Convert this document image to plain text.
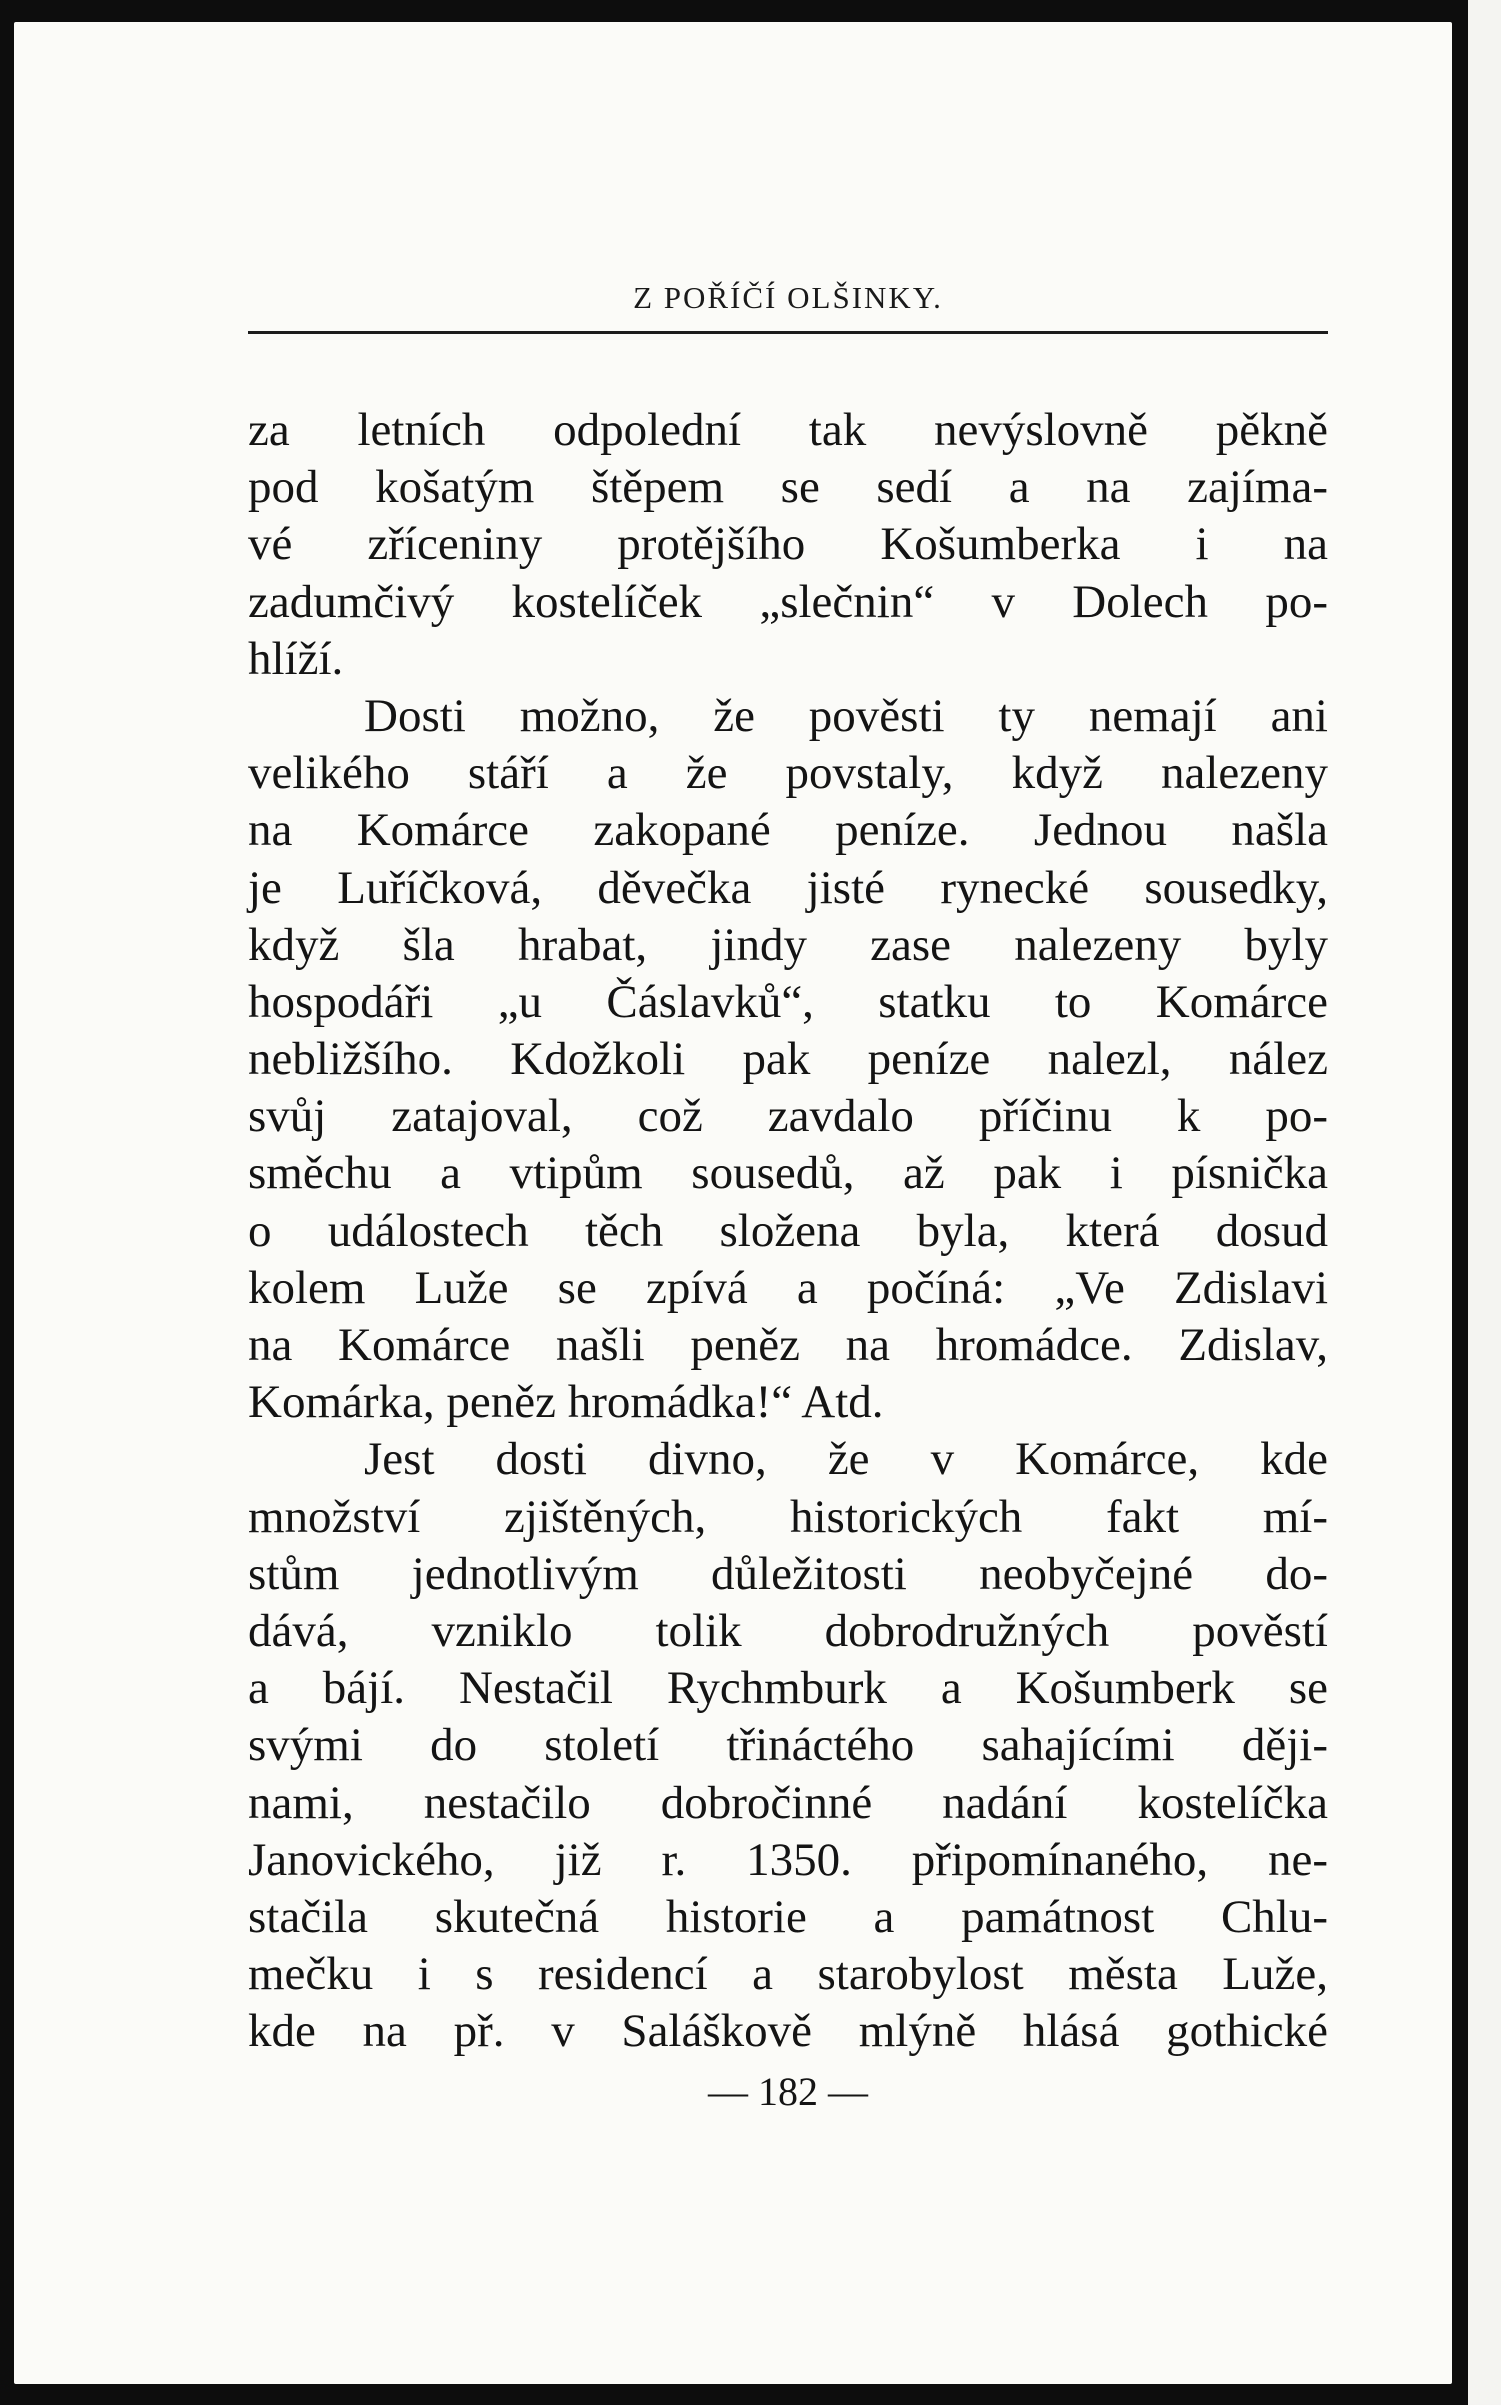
Z POŘÍČÍ OLŠINKY.
za letních odpolední tak nevýslovně pěkně
pod košatým štěpem se sedí a na zajíma-
vé zříceniny protějšího Košumberka i na
zadumčivý kostelíček „slečnin“ v Dolech po-
hlíží.
Dosti možno, že pověsti ty nemají ani
velikého stáří a že povstaly, když nalezeny
na Komárce zakopané peníze. Jednou našla
je Luříčková, děvečka jisté rynecké sousedky,
když šla hrabat, jindy zase nalezeny byly
hospodáři „u Čáslavků“, statku to Komárce
nebližšího. Kdožkoli pak peníze nalezl, nález
svůj zatajoval, což zavdalo příčinu k po-
směchu a vtipům sousedů, až pak i písnička
o událostech těch složena byla, která dosud
kolem Luže se zpívá a počíná: „Ve Zdislavi
na Komárce našli peněz na hromádce. Zdislav,
Komárka, peněz hromádka!“ Atd.
Jest dosti divno, že v Komárce, kde
množství zjištěných, historických fakt mí-
stům jednotlivým důležitosti neobyčejné do-
dává, vzniklo tolik dobrodružných pověstí
a bájí. Nestačil Rychmburk a Košumberk se
svými do století třináctého sahajícími ději-
nami, nestačilo dobročinné nadání kostelíčka
Janovického, již r. 1350. připomínaného, ne-
stačila skutečná historie a památnost Chlu-
mečku i s residencí a starobylost města Luže,
kde na př. v Saláškově mlýně hlásá gothické
— 182 —
